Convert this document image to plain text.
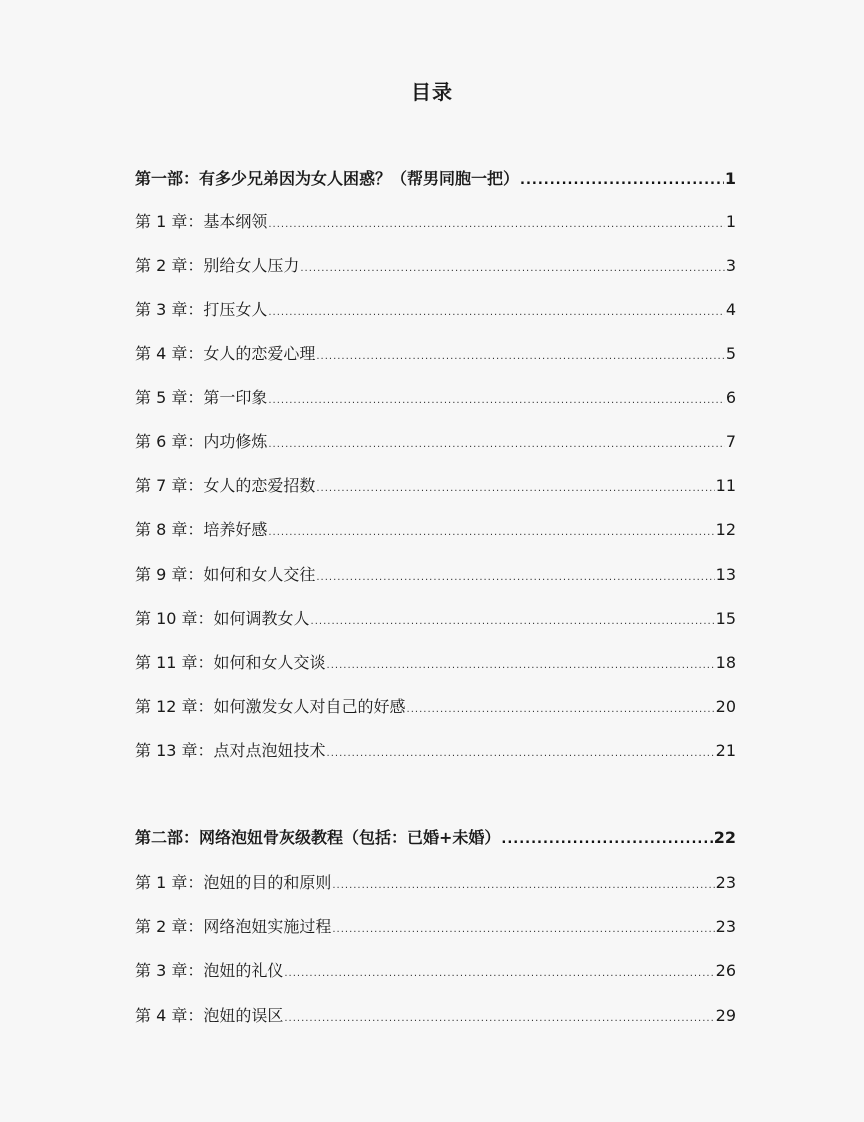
目录
第一部：有多少兄弟因为女人困惑？（帮男同胞一把） .....	1
第 1 章：基本纲领 .....	1
第 2 章：别给女人压力 .....	3
第 3 章：打压女人 .....	4
第 4 章：女人的恋爱心理 .....	5
第 5 章：第一印象 .....	6
第 6 章：内功修炼 .....	7
第 7 章：女人的恋爱招数 .....	11
第 8 章：培养好感 .....	12
第 9 章：如何和女人交往 .....	13
第 10 章：如何调教女人 .....	15
第 11 章：如何和女人交谈 .....	18
第 12 章：如何激发女人对自己的好感 .....	20
第 13 章：点对点泡妞技术 .....	21
第二部：网络泡妞骨灰级教程（包括：已婚+未婚） .....	22
第 1 章：泡妞的目的和原则 .....	23
第 2 章：网络泡妞实施过程 .....	23
第 3 章：泡妞的礼仪 .....	26
第 4 章：泡妞的误区 .....	29
